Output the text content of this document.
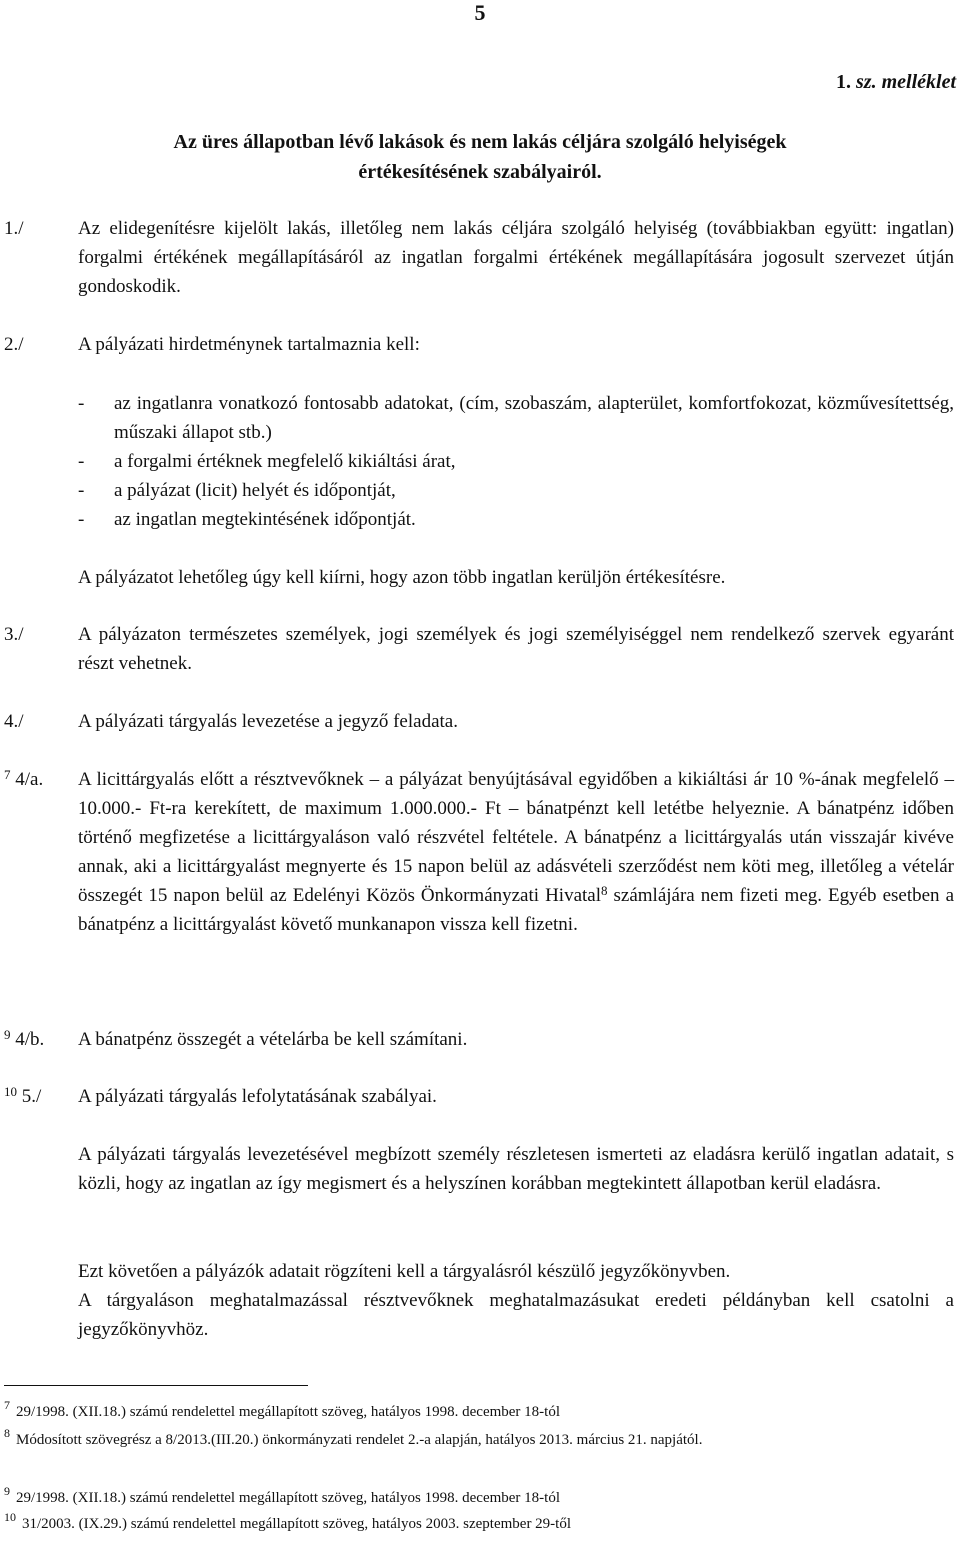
5
1. sz. melléklet
Az üres állapotban lévő lakások és nem lakás céljára szolgáló helyiségek
értékesítésének szabályairól.
1./	Az elidegenítésre kijelölt lakás, illetőleg nem lakás céljára szolgáló helyiség (továbbiakban együtt: ingatlan) forgalmi értékének megállapításáról az ingatlan forgalmi értékének megállapítására jogosult szervezet útján gondoskodik.
2./	A pályázati hirdetménynek tartalmaznia kell:
-	az ingatlanra vonatkozó fontosabb adatokat, (cím, szobaszám, alapterület, komfortfokozat, közművesítettség, műszaki állapot stb.)
-	a forgalmi értéknek megfelelő kikiáltási árat,
-	a pályázat (licit) helyét és időpontját,
-	az ingatlan megtekintésének időpontját.
A pályázatot lehetőleg úgy kell kiírni, hogy azon több ingatlan kerüljön értékesítésre.
3./	A pályázaton természetes személyek, jogi személyek és jogi személyiséggel nem rendelkező szervek egyaránt részt vehetnek.
4./	A pályázati tárgyalás levezetése a jegyző feladata.
$^7$ 4/a. A licittárgyalás előtt a résztvevőknek – a pályázat benyújtásával egyidőben a kikiáltási ár 10 %-ának megfelelő – 10.000.- Ft-ra kerekített, de maximum 1.000.000.- Ft – bánatpénzt kell letétbe helyeznie. A bánatpénz időben történő megfizetése a licittárgyaláson való részvétel feltétele. A bánatpénz a licittárgyalás után visszajár kivéve annak, aki a licittárgyalást megnyerte és 15 napon belül az adásvételi szerződést nem köti meg, illetőleg a vételár összegét 15 napon belül az Edelényi Közös Önkormányzati Hivatal$^8$ számlájára nem fizeti meg. Egyéb esetben a bánatpénz a licittárgyalást követő munkanapon vissza kell fizetni.
$^9$ 4/b. A bánatpénz összegét a vételárba be kell számítani.
$^{10}$ 5./ A pályázati tárgyalás lefolytatásának szabályai.
A pályázati tárgyalás levezetésével megbízott személy részletesen ismerteti az eladásra kerülő ingatlan adatait, s közli, hogy az ingatlan az így megismert és a helyszínen korábban megtekintett állapotban kerül eladásra.
Ezt követően a pályázók adatait rögzíteni kell a tárgyalásról készülő jegyzőkönyvben.
A tárgyaláson meghatalmazással résztvevőknek meghatalmazásukat eredeti példányban kell csatolni a jegyzőkönyvhöz.
$^7$ 29/1998. (XII.18.) számú rendelettel megállapított szöveg, hatályos 1998. december 18-tól
$^8$ Módosított szövegrész a 8/2013.(III.20.) önkormányzati rendelet 2.-a alapján, hatályos 2013. március 21. napjától.
$^9$ 29/1998. (XII.18.) számú rendelettel megállapított szöveg, hatályos 1998. december 18-tól
$^{10}$ 31/2003. (IX.29.) számú rendelettel megállapított szöveg, hatályos 2003. szeptember 29-től
